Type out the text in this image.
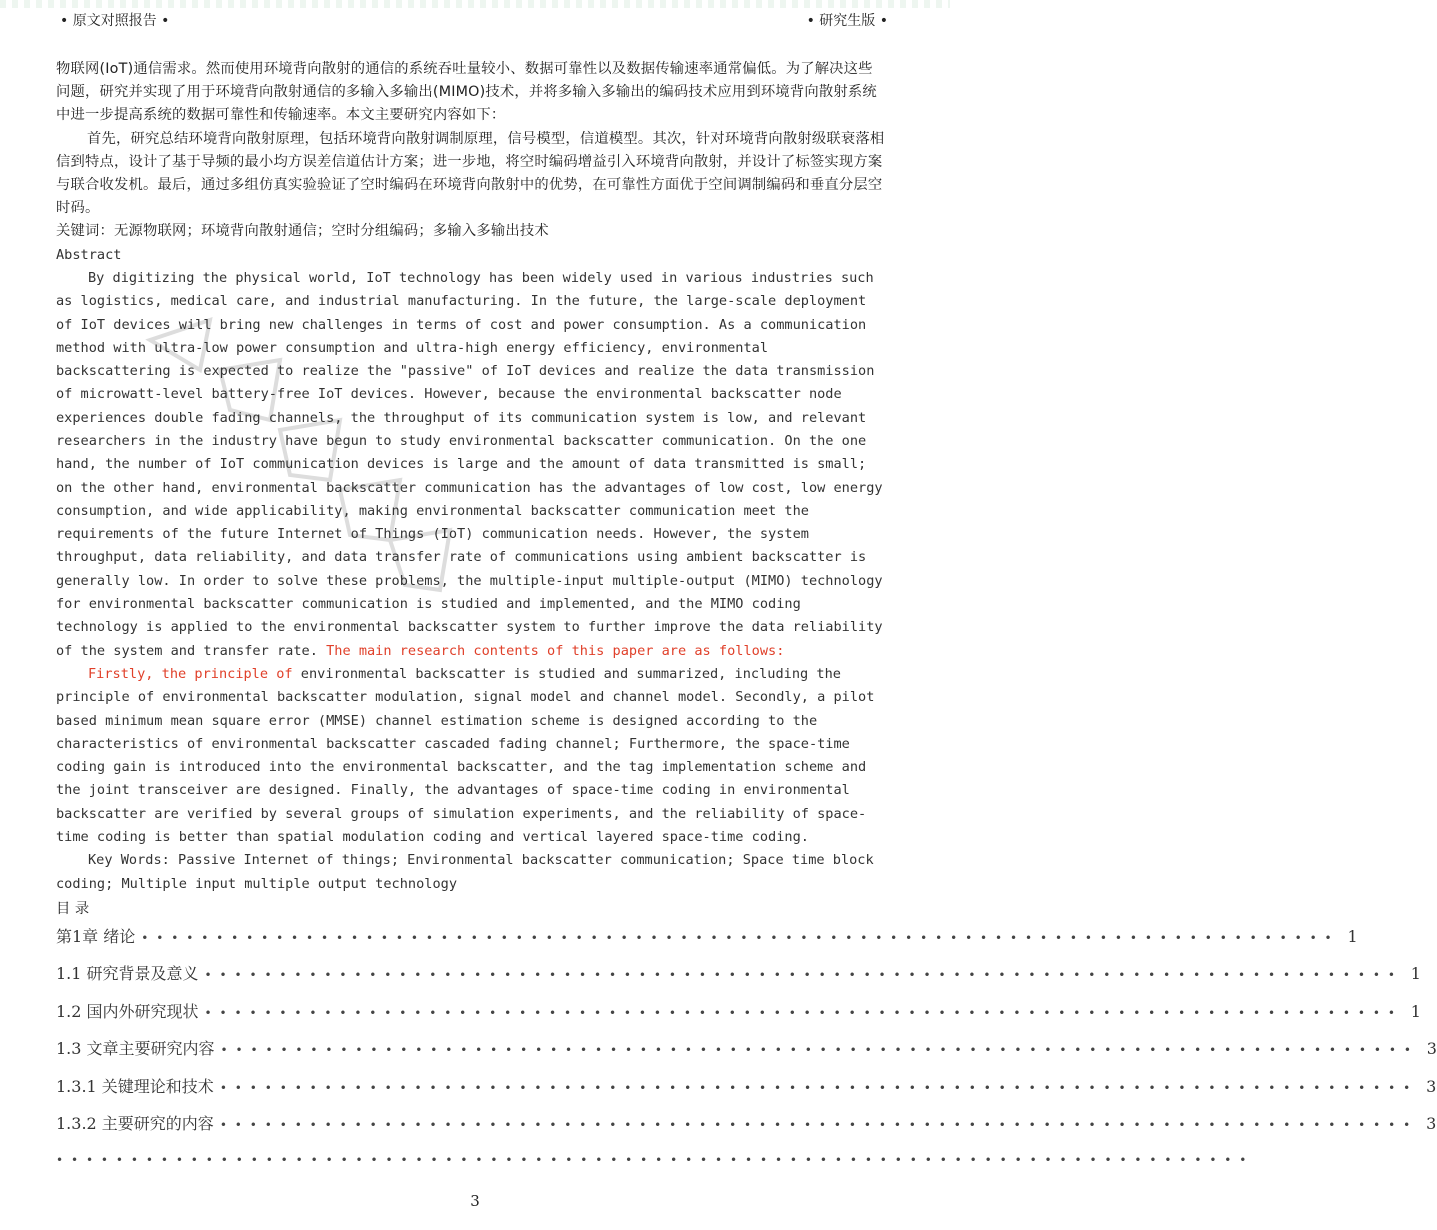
• 原文对照报告 •	• 研究生版 •

物联网(IoT)通信需求。然而使用环境背向散射的通信的系统吞吐量较小、数据可靠性以及数据传输速率通常偏低。为了解决这些问题，研究并实现了用于环境背向散射通信的多输入多输出(MIMO)技术，并将多输入多输出的编码技术应用到环境背向散射系统中进一步提高系统的数据可靠性和传输速率。本文主要研究内容如下：

首先，研究总结环境背向散射原理，包括环境背向散射调制原理，信号模型，信道模型。其次，针对环境背向散射级联衰落相信到特点，设计了基于导频的最小均方误差信道估计方案；进一步地，将空时编码增益引入环境背向散射，并设计了标签实现方案与联合收发机。最后，通过多组仿真实验验证了空时编码在环境背向散射中的优势，在可靠性方面优于空间调制编码和垂直分层空时码。

关键词：无源物联网；环境背向散射通信；空时分组编码；多输入多输出技术

Abstract

By digitizing the physical world, IoT technology has been widely used in various industries such as logistics, medical care, and industrial manufacturing. In the future, the large-scale deployment of IoT devices will bring new challenges in terms of cost and power consumption. As a communication method with ultra-low power consumption and ultra-high energy efficiency, environmental backscattering is expected to realize the "passive" of IoT devices and realize the data transmission of microwatt-level battery-free IoT devices. However, because the environmental backscatter node experiences double fading channels, the throughput of its communication system is low, and relevant researchers in the industry have begun to study environmental backscatter communication. On the one hand, the number of IoT communication devices is large and the amount of data transmitted is small; on the other hand, environmental backscatter communication has the advantages of low cost, low energy consumption, and wide applicability, making environmental backscatter communication meet the requirements of the future Internet of Things (IoT) communication needs. However, the system throughput, data reliability, and data transfer rate of communications using ambient backscatter is generally low. In order to solve these problems, the multiple-input multiple-output (MIMO) technology for environmental backscatter communication is studied and implemented, and the MIMO coding technology is applied to the environmental backscatter system to further improve the data reliability of the system and transfer rate. The main research contents of this paper are as follows:

Firstly, the principle of environmental backscatter is studied and summarized, including the principle of environmental backscatter modulation, signal model and channel model. Secondly, a pilot based minimum mean square error (MMSE) channel estimation scheme is designed according to the characteristics of environmental backscatter cascaded fading channel; Furthermore, the space-time coding gain is introduced into the environmental backscatter, and the tag implementation scheme and the joint transceiver are designed. Finally, the advantages of space-time coding in environmental backscatter are verified by several groups of simulation experiments, and the reliability of space-time coding is better than spatial modulation coding and vertical layered space-time coding.

Key Words: Passive Internet of things; Environmental backscatter communication; Space time block coding; Multiple input multiple output technology

目 录

第1章 绪论 •••••••••••••••••••••••••••••••••••••••••••••••••••••••••••••••••••••••••••••••• 1
1.1 研究背景及意义 •••••••••••••••••••••••••••••••••••••••••••••••••••••••••••••••••••••••••••••••• 1
1.2 国内外研究现状 •••••••••••••••••••••••••••••••••••••••••••••••••••••••••••••••••••••••••••••••• 1
1.3 文章主要研究内容 •••••••••••••••••••••••••••••••••••••••••••••••••••••••••••••••••••••••••••••••• 3
1.3.1 关键理论和技术 •••••••••••••••••••••••••••••••••••••••••••••••••••••••••••••••••••••••••••••••• 3
1.3.2 主要研究的内容 •••••••••••••••••••••••••••••••••••••••••••••••••••••••••••••••••••••••••••••••• 3
••••••••••••••••••••••••••••••••••••••••••••••••••••••••••••••••••••••••••••••••
3
